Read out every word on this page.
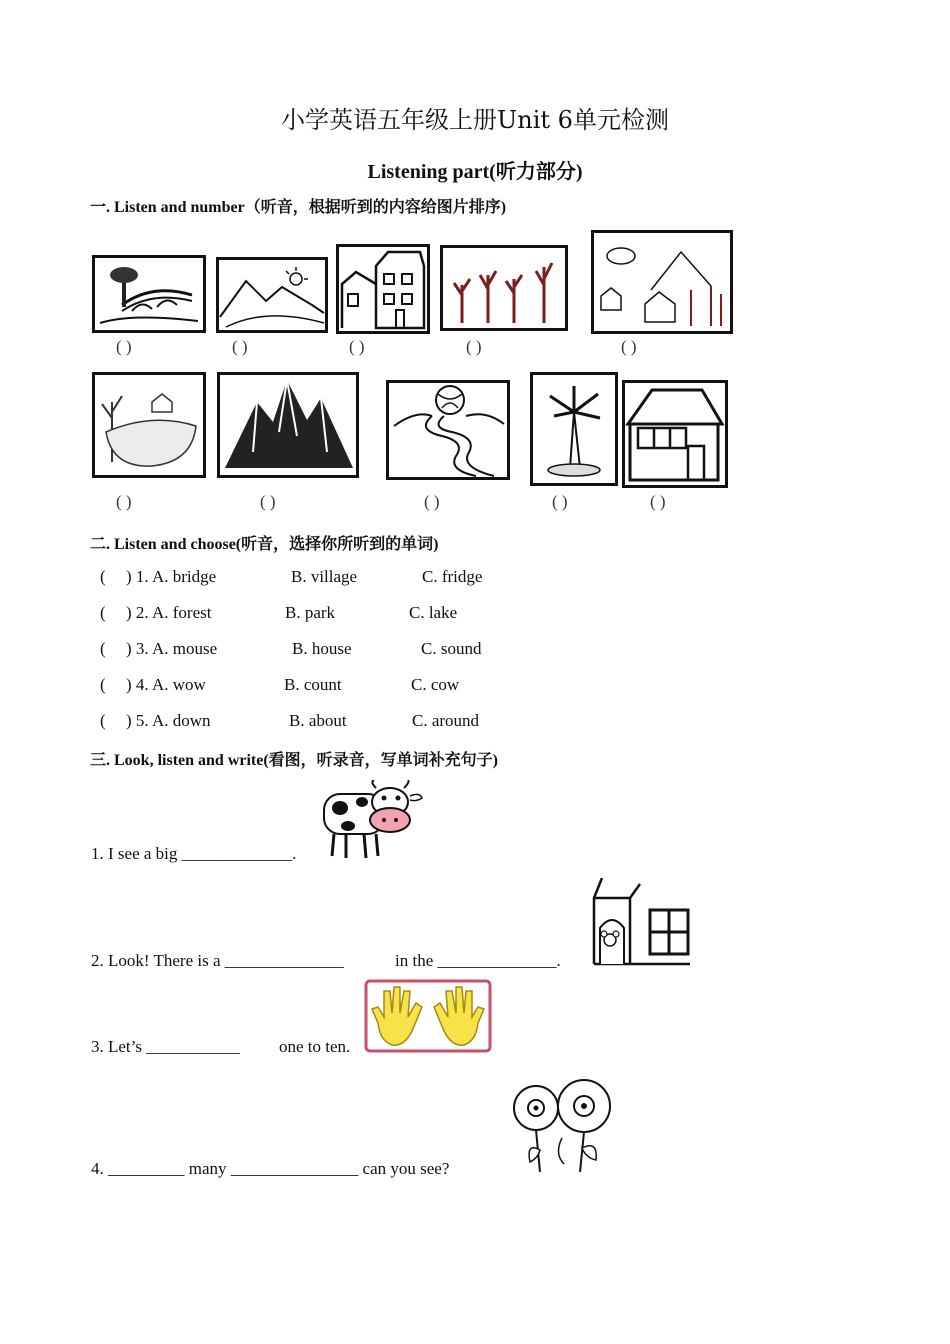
小学英语五年级上册Unit 6单元检测
Listening part(听力部分)
一. Listen and number（听音，根据听到的内容给图片排序)
( )	( )	( )	( )	( )
( )	( )	( )	( )	( )
二. Listen and choose(听音，选择你所听到的单词)
( ) 1. A. bridge	B. village	C. fridge
( ) 2. A. forest	B. park	C. lake
( ) 3. A. mouse	B. house	C. sound
( ) 4. A. wow	B. count	C. cow
( ) 5. A. down	B. about	C. around
三. Look, listen and write(看图，听录音，写单词补充句子)
1. I see a big _____________.
2. Look! There is a ______________	in the ______________.
3. Let’s ___________ one to ten.
4. _________ many _______________ can you see?
